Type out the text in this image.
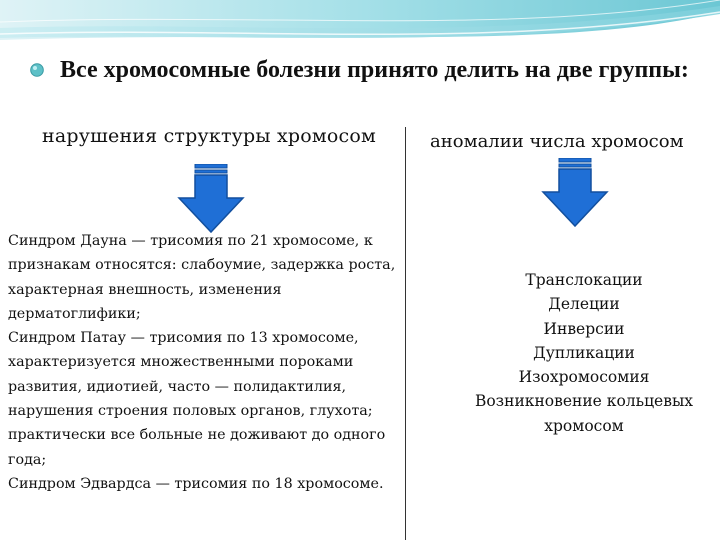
Все хромосомные болезни принято делить на две группы:
нарушения структуры хромосом	аномалии числа хромосом

Синдром Дауна — трисомия по 21 хромосоме, к признакам относятся: слабоумие, задержка роста, характерная внешность, изменения дерматоглифики;

Синдром Патау — трисомия по 13 хромосоме, характеризуется множественными пороками развития, идиотией, часто — полидактилия, нарушения строения половых органов, глухота; практически все больные не доживают до одного года;

Синдром Эдвардса — трисомия по 18 хромосоме.

Транслокации
Делеции
Инверсии
Дупликации
Изохромосомия
Возникновение кольцевых
хромосом
